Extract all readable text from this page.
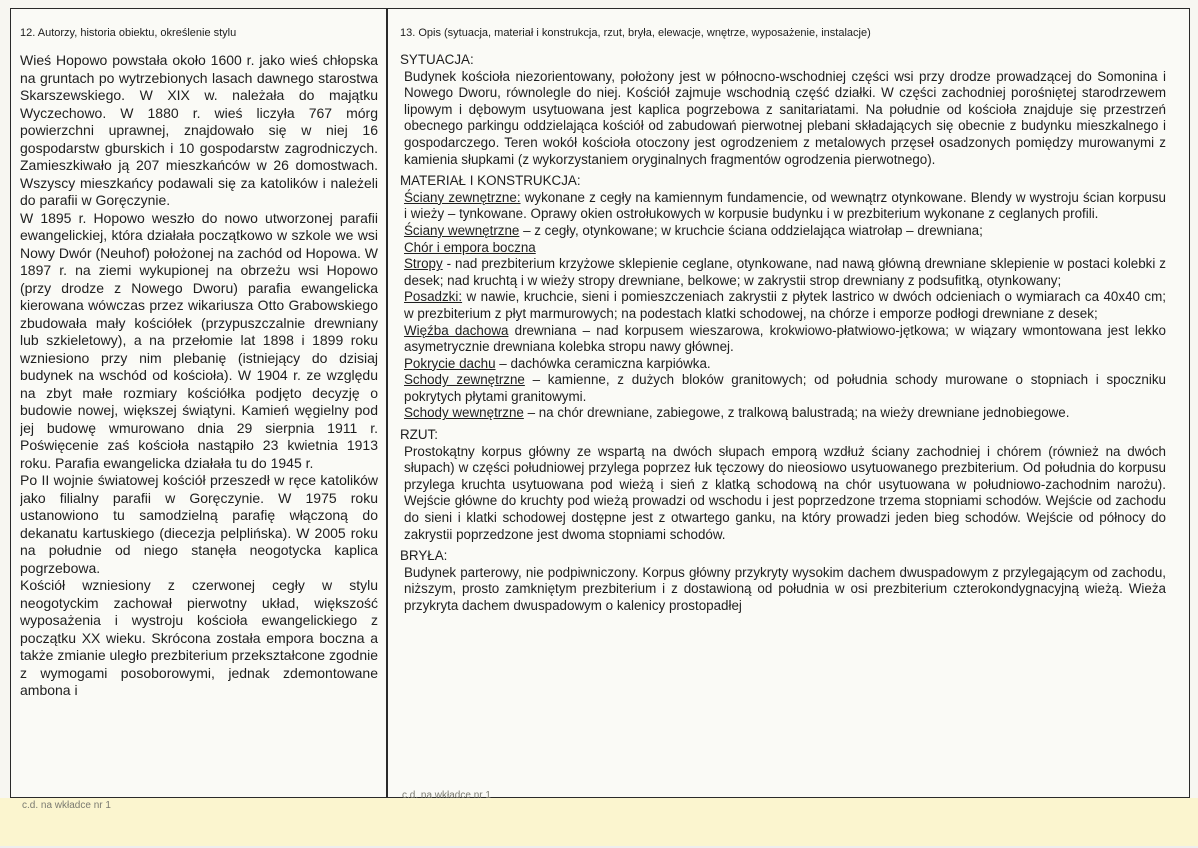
12. Autorzy, historia obiektu, określenie stylu

Wieś Hopowo powstała około 1600 r. jako wieś chłopska na gruntach po wytrzebionych lasach dawnego starostwa Skarszewskiego. W XIX w. należała do majątku Wyczechowo. W 1880 r. wieś liczyła 767 mórg powierzchni uprawnej, znajdowało się w niej 16 gospodarstw gburskich i 10 gospodarstw zagrodniczych. Zamieszkiwało ją 207 mieszkańców w 26 domostwach. Wszyscy mieszkańcy podawali się za katolików i należeli do parafii w Goręczynie.

W 1895 r. Hopowo weszło do nowo utworzonej parafii ewangelickiej, która działała początkowo w szkole we wsi Nowy Dwór (Neuhof) położonej na zachód od Hopowa. W 1897 r. na ziemi wykupionej na obrzeżu wsi Hopowo (przy drodze z Nowego Dworu) parafia ewangelicka kierowana wówczas przez wikariusza Otto Grabowskiego zbudowała mały kościółek (przypuszczalnie drewniany lub szkieletowy), a na przełomie lat 1898 i 1899 roku wzniesiono przy nim plebanię (istniejący do dzisiaj budynek na wschód od kościoła). W 1904 r. ze względu na zbyt małe rozmiary kościółka podjęto decyzję o budowie nowej, większej świątyni. Kamień węgielny pod jej budowę wmurowano dnia 29 sierpnia 1911 r. Poświęcenie zaś kościoła nastąpiło 23 kwietnia 1913 roku. Parafia ewangelicka działała tu do 1945 r.

Po II wojnie światowej kościół przeszedł w ręce katolików jako filialny parafii w Goręczynie. W 1975 roku ustanowiono tu samodzielną parafię włączoną do dekanatu kartuskiego (diecezja pelplińska). W 2005 roku na południe od niego stanęła neogotycka kaplica pogrzebowa.

Kościół wzniesiony z czerwonej cegły w stylu neogotyckim zachował pierwotny układ, większość wyposażenia i wystroju kościoła ewangelickiego z początku XX wieku. Skrócona została empora boczna a także zmianie uległo prezbiterium przekształcone zgodnie z wymogami posoborowymi, jednak zdemontowane ambona i

13. Opis (sytuacja, materiał i konstrukcja, rzut, bryła, elewacje, wnętrze, wyposażenie, instalacje)
SYTUACJA:

Budynek kościoła niezorientowany, położony jest w północno-wschodniej części wsi przy drodze prowadzącej do Somonina i Nowego Dworu, równolegle do niej. Kościół zajmuje wschodnią część działki. W części zachodniej porośniętej starodrzewem lipowym i dębowym usytuowana jest kaplica pogrzebowa z sanitariatami. Na południe od kościoła znajduje się przestrzeń obecnego parkingu oddzielająca kościół od zabudowań pierwotnej plebani składających się obecnie z budynku mieszkalnego i gospodarczego. Teren wokół kościoła otoczony jest ogrodzeniem z metalowych przęseł osadzonych pomiędzy murowanymi z kamienia słupkami (z wykorzystaniem oryginalnych fragmentów ogrodzenia pierwotnego).

MATERIAŁ I KONSTRUKCJA:

Ściany zewnętrzne: wykonane z cegły na kamiennym fundamencie, od wewnątrz otynkowane. Blendy w wystroju ścian korpusu i wieży – tynkowane. Oprawy okien ostrołukowych w korpusie budynku i w prezbiterium wykonane z ceglanych profili.

Ściany wewnętrzne – z cegły, otynkowane; w kruchcie ściana oddzielająca wiatrołap – drewniana;

Chór i empora boczna

Stropy - nad prezbiterium krzyżowe sklepienie ceglane, otynkowane, nad nawą główną drewniane sklepienie w postaci kolebki z desek; nad kruchtą i w wieży stropy drewniane, belkowe; w zakrystii strop drewniany z podsufitką, otynkowany;

Posadzki: w nawie, kruchcie, sieni i pomieszczeniach zakrystii z płytek lastrico w dwóch odcieniach o wymiarach ca 40x40 cm; w prezbiterium z płyt marmurowych; na podestach klatki schodowej, na chórze i emporze podłogi drewniane z desek;

Więźba dachowa drewniana – nad korpusem wieszarowa, krokwiowo-płatwiowo-jętkowa; w wiązary wmontowana jest lekko asymetrycznie drewniana kolebka stropu nawy głównej.

Pokrycie dachu – dachówka ceramiczna karpiówka.

Schody zewnętrzne – kamienne, z dużych bloków granitowych; od południa schody murowane o stopniach i spoczniku pokrytych płytami granitowymi.

Schody wewnętrzne – na chór drewniane, zabiegowe, z tralkową balustradą; na wieży drewniane jednobiegowe.

RZUT:

Prostokątny korpus główny ze wspartą na dwóch słupach emporą wzdłuż ściany zachodniej i chórem (również na dwóch słupach) w części południowej przylega poprzez łuk tęczowy do nieosiowo usytuowanego prezbiterium. Od południa do korpusu przylega kruchta usytuowana pod wieżą i sień z klatką schodową na chór usytuowana w południowo-zachodnim narożu). Wejście główne do kruchty pod wieżą prowadzi od wschodu i jest poprzedzone trzema stopniami schodów. Wejście od zachodu do sieni i klatki schodowej dostępne jest z otwartego ganku, na który prowadzi jeden bieg schodów. Wejście od północy do zakrystii poprzedzone jest dwoma stopniami schodów.

BRYŁA:

Budynek parterowy, nie podpiwniczony. Korpus główny przykryty wysokim dachem dwuspadowym z przylegającym od zachodu, niższym, prosto zamkniętym prezbiterium i z dostawioną od południa w osi prezbiterium czterokondygnacyjną wieżą. Wieża przykryta dachem dwuspadowym o kalenicy prostopadłej

c.d. na wkładce nr 1
c.d. na wkładce nr 1
